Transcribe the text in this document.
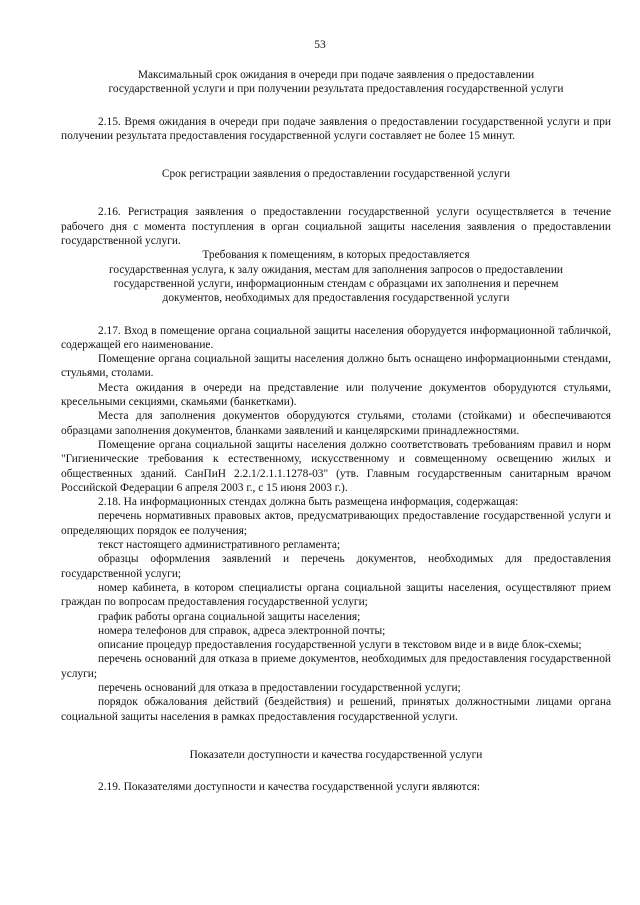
53
Максимальный срок ожидания в очереди при подаче заявления о предоставлении
государственной услуги и при получении результата предоставления государственной услуги

2.15. Время ожидания в очереди при подаче заявления о предоставлении государственной услуги и при получении результата предоставления государственной услуги составляет не более 15 минут.

Срок регистрации заявления о предоставлении государственной услуги

2.16. Регистрация заявления о предоставлении государственной услуги осуществляется в течение рабочего дня с момента поступления в орган социальной защиты населения заявления о предоставлении государственной услуги.

Требования к помещениям, в которых предоставляется
государственная услуга, к залу ожидания, местам для заполнения запросов о предоставлении
государственной услуги, информационным стендам с образцами их заполнения и перечнем
документов, необходимых для предоставления государственной услуги

2.17. Вход в помещение органа социальной защиты населения оборудуется информационной табличкой, содержащей его наименование.

Помещение органа социальной защиты населения должно быть оснащено информационными стендами, стульями, столами.

Места ожидания в очереди на представление или получение документов оборудуются стульями, кресельными секциями, скамьями (банкетками).

Места для заполнения документов оборудуются стульями, столами (стойками) и обеспечиваются образцами заполнения документов, бланками заявлений и канцелярскими принадлежностями.

Помещение органа социальной защиты населения должно соответствовать требованиям правил и норм "Гигиенические требования к естественному, искусственному и совмещенному освещению жилых и общественных зданий. СанПиН 2.2.1/2.1.1.1278-03" (утв. Главным государственным санитарным врачом Российской Федерации 6 апреля 2003 г., с 15 июня 2003 г.).

2.18. На информационных стендах должна быть размещена информация, содержащая:

перечень нормативных правовых актов, предусматривающих предоставление государственной услуги и определяющих порядок ее получения;

текст настоящего административного регламента;

образцы оформления заявлений и перечень документов, необходимых для предоставления государственной услуги;

номер кабинета, в котором специалисты органа социальной защиты населения, осуществляют прием граждан по вопросам предоставления государственной услуги;

график работы органа социальной защиты населения;

номера телефонов для справок, адреса электронной почты;

описание процедур предоставления государственной услуги в текстовом виде и в виде блок-схемы;

перечень оснований для отказа в приеме документов, необходимых для предоставления государственной услуги;

перечень оснований для отказа в предоставлении государственной услуги;

порядок обжалования действий (бездействия) и решений, принятых должностными лицами органа социальной защиты населения в рамках предоставления государственной услуги.

Показатели доступности и качества государственной услуги

2.19. Показателями доступности и качества государственной услуги являются:
